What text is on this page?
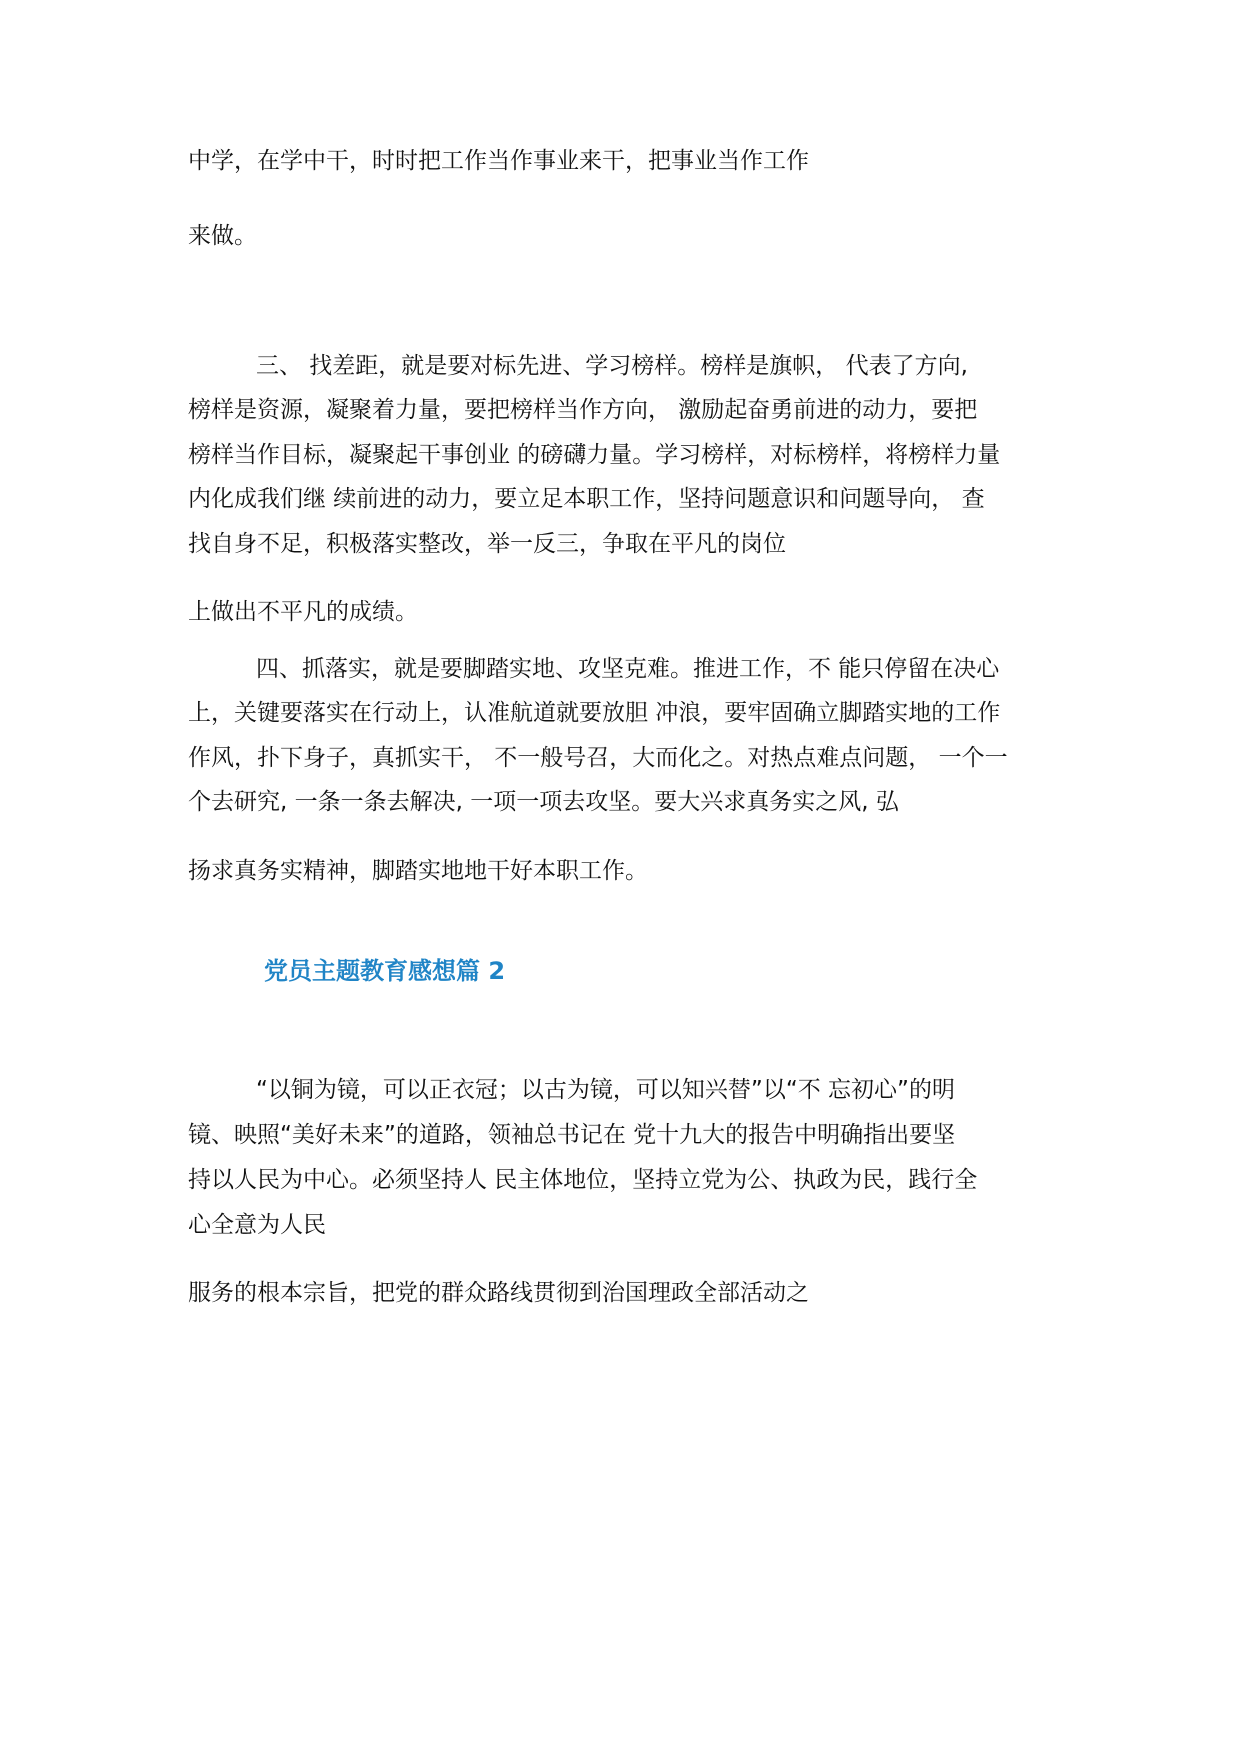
中学，在学中干，时时把工作当作事业来干，把事业当作工作
来做。
三、 找差距，就是要对标先进、学习榜样。榜样是旗帜， 代表了方向,
榜样是资源，凝聚着力量，要把榜样当作方向， 激励起奋勇前进的动力，要把
榜样当作目标，凝聚起干事创业 的磅礴力量。学习榜样，对标榜样，将榜样力量
内化成我们继 续前进的动力，要立足本职工作，坚持问题意识和问题导向， 查
找自身不足，积极落实整改，举一反三，争取在平凡的岗位
上做出不平凡的成绩。
四、抓落实，就是要脚踏实地、攻坚克难。推进工作，不 能只停留在决心
上，关键要落实在行动上，认准航道就要放胆 冲浪，要牢固确立脚踏实地的工作
作风，扑下身子，真抓实干， 不一般号召，大而化之。对热点难点问题， 一个一
个去研究, 一条一条去解决, 一项一项去攻坚。要大兴求真务实之风, 弘
扬求真务实精神，脚踏实地地干好本职工作。
党员主题教育感想篇 2
“以铜为镜，可以正衣冠；以古为镜，可以知兴替”以“不 忘初心”的明
镜、映照“美好未来”的道路，领袖总书记在 党十九大的报告中明确指出要坚
持以人民为中心。必须坚持人 民主体地位，坚持立党为公、执政为民，践行全
心全意为人民
服务的根本宗旨，把党的群众路线贯彻到治国理政全部活动之
